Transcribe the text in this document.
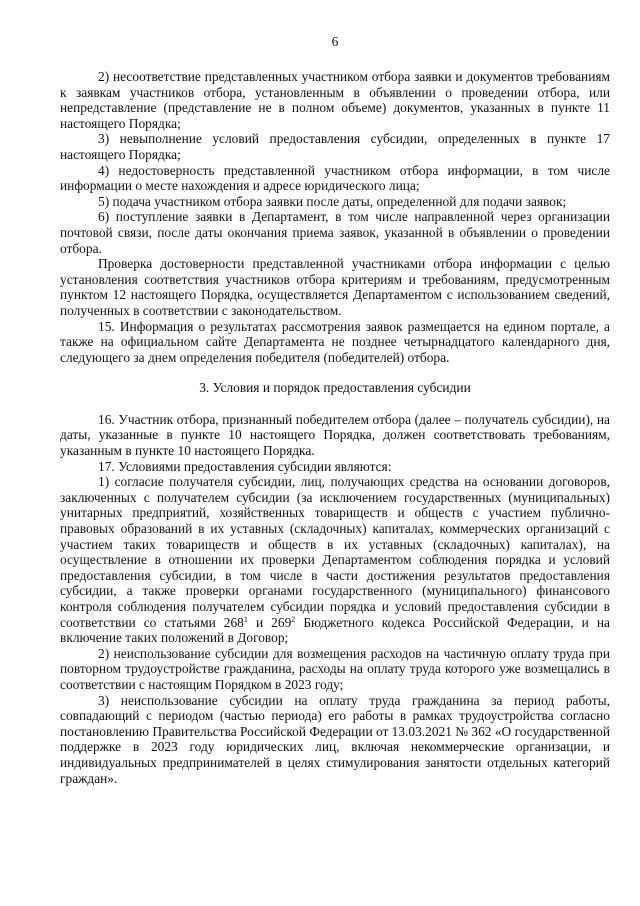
6

2) несоответствие представленных участником отбора заявки и документов требованиям к заявкам участников отбора, установленным в объявлении о проведении отбора, или непредставление (представление не в полном объеме) документов, указанных в пункте 11 настоящего Порядка;

3) невыполнение условий предоставления субсидии, определенных в пункте 17 настоящего Порядка;

4) недостоверность представленной участником отбора информации, в том числе информации о месте нахождения и адресе юридического лица;

5) подача участником отбора заявки после даты, определенной для подачи заявок;

6) поступление заявки в Департамент, в том числе направленной через организации почтовой связи, после даты окончания приема заявок, указанной в объявлении о проведении отбора.

Проверка достоверности представленной участниками отбора информации с целью установления соответствия участников отбора критериям и требованиям, предусмотренным пунктом 12 настоящего Порядка, осуществляется Департаментом с использованием сведений, полученных в соответствии с законодательством.

15. Информация о результатах рассмотрения заявок размещается на едином портале, а также на официальном сайте Департамента не позднее четырнадцатого календарного дня, следующего за днем определения победителя (победителей) отбора.

3. Условия и порядок предоставления субсидии

16. Участник отбора, признанный победителем отбора (далее – получатель субсидии), на даты, указанные в пункте 10 настоящего Порядка, должен соответствовать требованиям, указанным в пункте 10 настоящего Порядка.

17. Условиями предоставления субсидии являются:

1) согласие получателя субсидии, лиц, получающих средства на основании договоров, заключенных с получателем субсидии (за исключением государственных (муниципальных) унитарных предприятий, хозяйственных товариществ и обществ с участием публично-правовых образований в их уставных (складочных) капиталах, коммерческих организаций с участием таких товариществ и обществ в их уставных (складочных) капиталах), на осуществление в отношении их проверки Департаментом соблюдения порядка и условий предоставления субсидии, в том числе в части достижения результатов предоставления субсидии, а также проверки органами государственного (муниципального) финансового контроля соблюдения получателем субсидии порядка и условий предоставления субсидии в соответствии со статьями $268^1$ и $269^2$ Бюджетного кодекса Российской Федерации, и на включение таких положений в Договор;

2) неиспользование субсидии для возмещения расходов на частичную оплату труда при повторном трудоустройстве гражданина, расходы на оплату труда которого уже возмещались в соответствии с настоящим Порядком в 2023 году;

3) неиспользование субсидии на оплату труда гражданина за период работы, совпадающий с периодом (частью периода) его работы в рамках трудоустройства согласно постановлению Правительства Российской Федерации от 13.03.2021 № 362 «О государственной поддержке в 2023 году юридических лиц, включая некоммерческие организации, и индивидуальных предпринимателей в целях стимулирования занятости отдельных категорий граждан».
